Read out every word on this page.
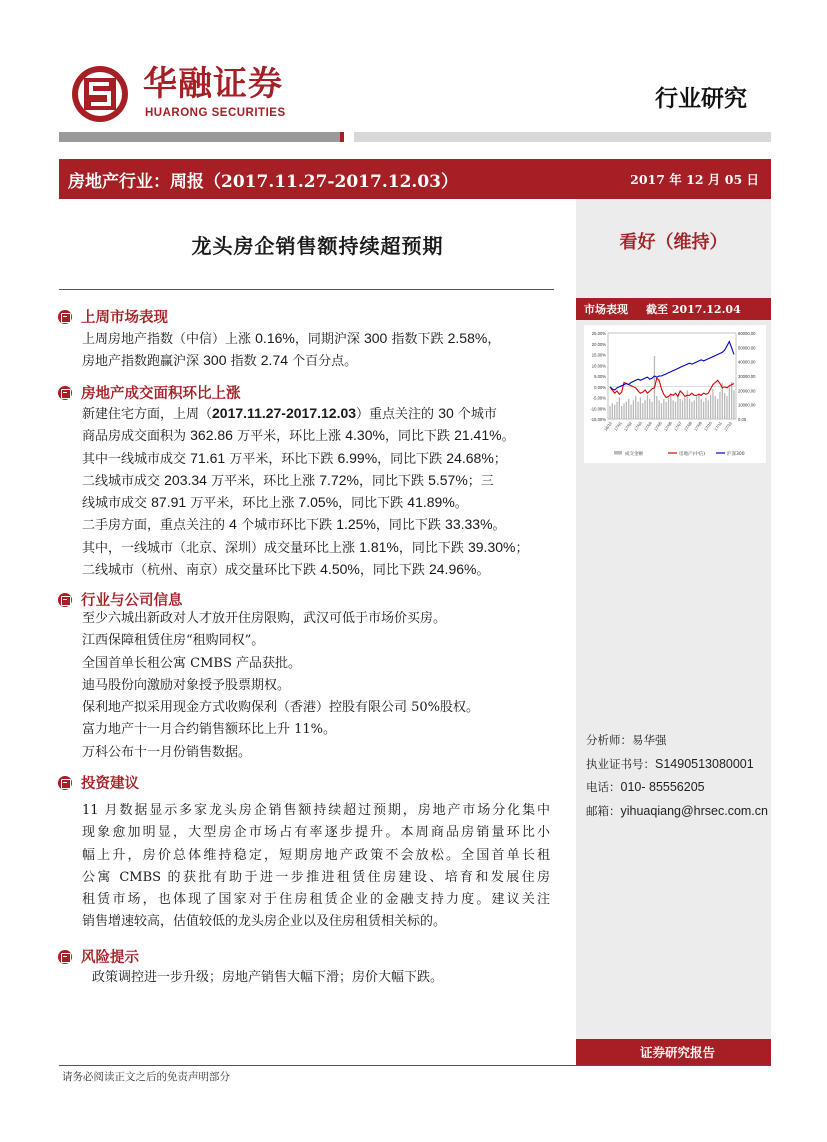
华融证券
HUARONG SECURITIES
行业研究
房地产行业：周报（2017.11.27-2017.12.03）	2017 年 12 月 05 日
看好（维持）
市场表现 截至 2017.12.04
25.00%
20.00%
15.00%
10.00%
5.00%
0.00%
-5.00%
-10.00%
-15.00%
60000.00
50000.00
40000.00
30000.00
20000.00
10000.00
0.00
16/12 17/01 17/02 17/03 17/04 17/05 17/06 17/07 17/08 17/09 17/10 17/11 17/12
成交金额	房地产(中信)	沪深300
分析师：易华强
执业证书号：S1490513080001
电话：010- 85556205
邮箱：yihuaqiang@hrsec.com.cn
证券研究报告
请务必阅读正文之后的免责声明部分
龙头房企销售额持续超预期
上周市场表现
上周房地产指数（中信）上涨 0.16%，同期沪深 300 指数下跌 2.58%，
房地产指数跑赢沪深 300 指数 2.74 个百分点。
房地产成交面积环比上涨
新建住宅方面，上周（2017.11.27-2017.12.03）重点关注的 30 个城市
商品房成交面积为 362.86 万平米，环比上涨 4.30%，同比下跌 21.41%。
其中一线城市成交 71.61 万平米，环比下跌 6.99%，同比下跌 24.68%；
二线城市成交 203.34 万平米，环比上涨 7.72%，同比下跌 5.57%；三
线城市成交 87.91 万平米，环比上涨 7.05%，同比下跌 41.89%。
二手房方面，重点关注的 4 个城市环比下跌 1.25%，同比下跌 33.33%。
其中，一线城市（北京、深圳）成交量环比上涨 1.81%，同比下跌 39.30%；
二线城市（杭州、南京）成交量环比下跌 4.50%，同比下跌 24.96%。
行业与公司信息
至少六城出新政对人才放开住房限购，武汉可低于市场价买房。
江西保障租赁住房“租购同权”。
全国首单长租公寓 CMBS 产品获批。
迪马股份向激励对象授予股票期权。
保利地产拟采用现金方式收购保利（香港）控股有限公司 50%股权。
富力地产十一月合约销售额环比上升 11%。
万科公布十一月份销售数据。
投资建议
11 月数据显示多家龙头房企销售额持续超过预期，房地产市场分化集中
现象愈加明显，大型房企市场占有率逐步提升。本周商品房销量环比小
幅上升，房价总体维持稳定，短期房地产政策不会放松。全国首单长租
公寓 CMBS 的获批有助于进一步推进租赁住房建设、培育和发展住房
租赁市场，也体现了国家对于住房租赁企业的金融支持力度。建议关注
销售增速较高，估值较低的龙头房企业以及住房租赁相关标的。
风险提示
政策调控进一步升级；房地产销售大幅下滑；房价大幅下跌。
